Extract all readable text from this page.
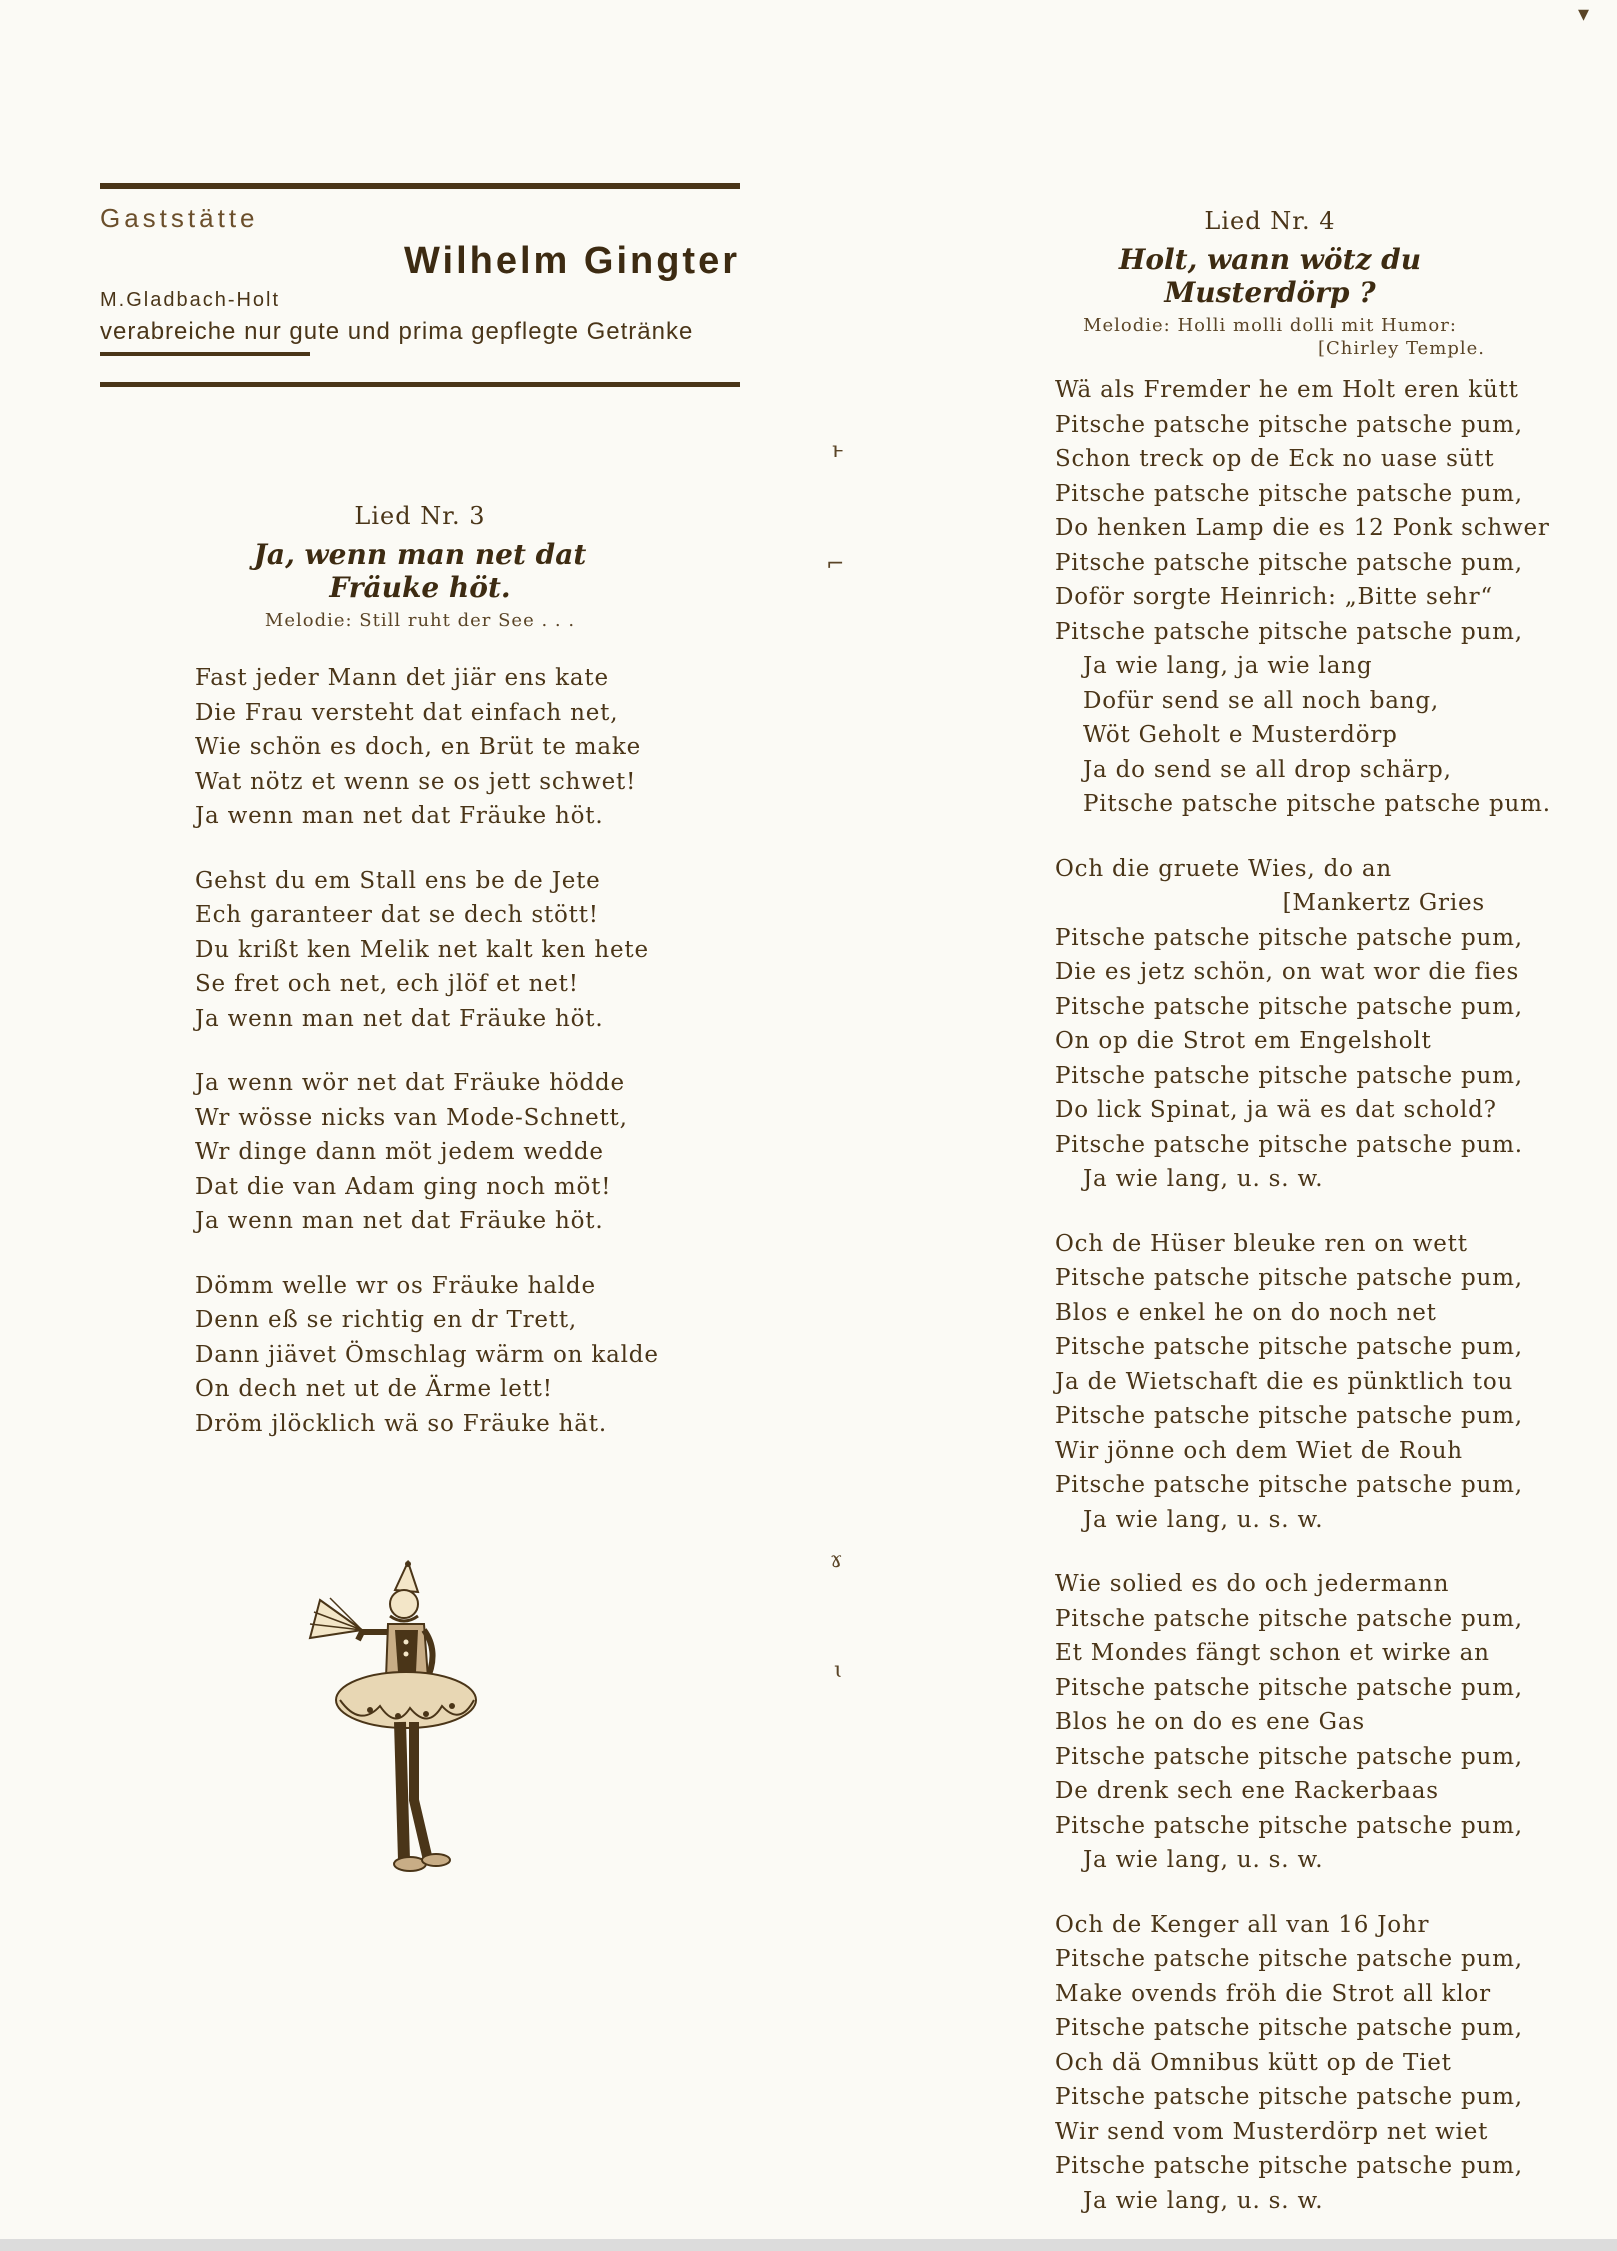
ͱ
⌐
ɤ
ɩ
▾
Gaststätte
Wilhelm Gingter
M.Gladbach-Holt
verabreiche nur gute und prima gepflegte Getränke
Lied Nr. 3
Ja, wenn man net dat Fräuke höt.
Melodie: Still ruht der See . . .
Fast jeder Mann det jiär ens kate
Die Frau versteht dat einfach net,
Wie schön es doch, en Brüt te make
Wat nötz et wenn se os jett schwet!
Ja wenn man net dat Fräuke höt.
Gehst du em Stall ens be de Jete
Ech garanteer dat se dech stött!
Du krißt ken Melik net kalt ken hete
Se fret och net, ech jlöf et net!
Ja wenn man net dat Fräuke höt.
Ja wenn wör net dat Fräuke hödde
Wr wösse nicks van Mode-Schnett,
Wr dinge dann möt jedem wedde
Dat die van Adam ging noch möt!
Ja wenn man net dat Fräuke höt.
Dömm welle wr os Fräuke halde
Denn eß se richtig en dr Trett,
Dann jiävet Ömschlag wärm on kalde
On dech net ut de Ärme lett!
Dröm jlöcklich wä so Fräuke hät.
Lied Nr. 4
Holt, wann wötz du Musterdörp ?
Melodie: Holli molli dolli mit Humor:
[Chirley Temple.
Wä als Fremder he em Holt eren kütt
Pitsche patsche pitsche patsche pum,
Schon treck op de Eck no uase sütt
Pitsche patsche pitsche patsche pum,
Do henken Lamp die es 12 Ponk schwer
Pitsche patsche pitsche patsche pum,
Doför sorgte Heinrich: „Bitte sehr“
Pitsche patsche pitsche patsche pum,
Ja wie lang, ja wie lang
Dofür send se all noch bang,
Wöt Geholt e Musterdörp
Ja do send se all drop schärp,
Pitsche patsche pitsche patsche pum.
Och die gruete Wies, do an
[Mankertz Gries
Pitsche patsche pitsche patsche pum,
Die es jetz schön, on wat wor die fies
Pitsche patsche pitsche patsche pum,
On op die Strot em Engelsholt
Pitsche patsche pitsche patsche pum,
Do lick Spinat, ja wä es dat schold?
Pitsche patsche pitsche patsche pum.
Ja wie lang, u. s. w.
Och de Hüser bleuke ren on wett
Pitsche patsche pitsche patsche pum,
Blos e enkel he on do noch net
Pitsche patsche pitsche patsche pum,
Ja de Wietschaft die es pünktlich tou
Pitsche patsche pitsche patsche pum,
Wir jönne och dem Wiet de Rouh
Pitsche patsche pitsche patsche pum,
Ja wie lang, u. s. w.
Wie solied es do och jedermann
Pitsche patsche pitsche patsche pum,
Et Mondes fängt schon et wirke an
Pitsche patsche pitsche patsche pum,
Blos he on do es ene Gas
Pitsche patsche pitsche patsche pum,
De drenk sech ene Rackerbaas
Pitsche patsche pitsche patsche pum,
Ja wie lang, u. s. w.
Och de Kenger all van 16 Johr
Pitsche patsche pitsche patsche pum,
Make ovends fröh die Strot all klor
Pitsche patsche pitsche patsche pum,
Och dä Omnibus kütt op de Tiet
Pitsche patsche pitsche patsche pum,
Wir send vom Musterdörp net wiet
Pitsche patsche pitsche patsche pum,
Ja wie lang, u. s. w.
